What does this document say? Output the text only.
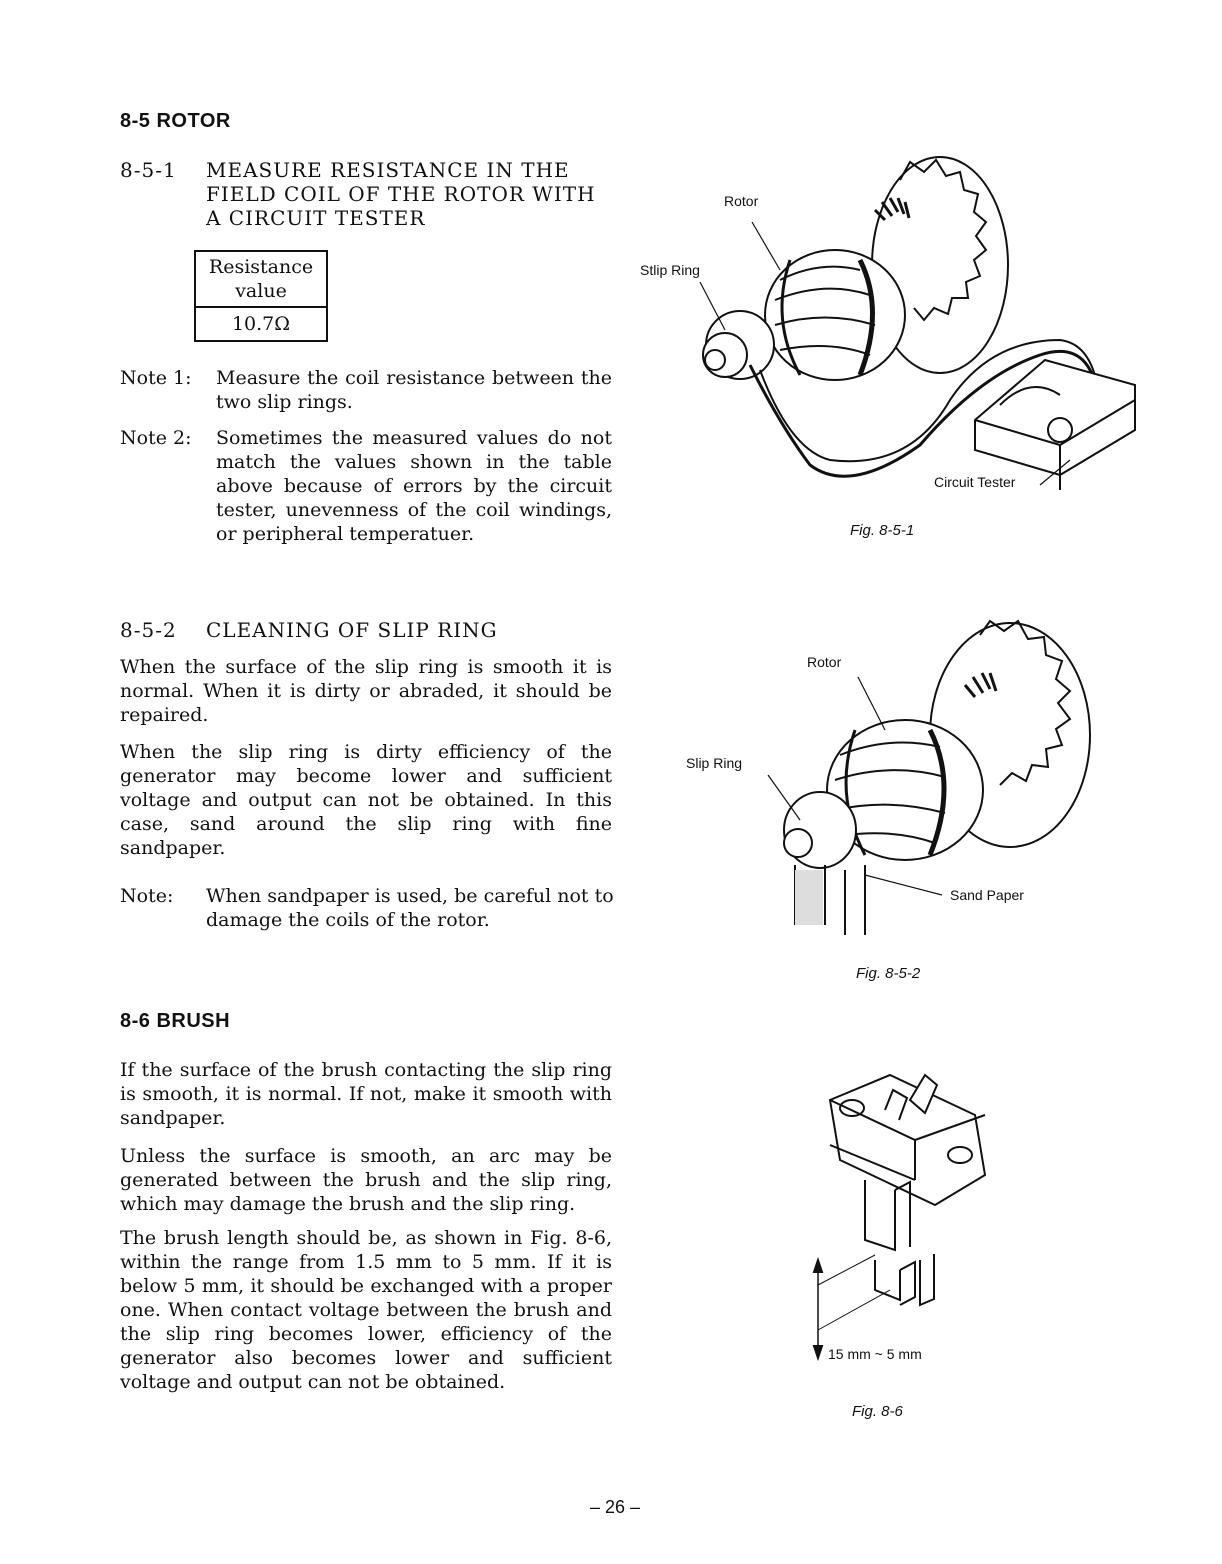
8-5 ROTOR
8-5-1 MEASURE RESISTANCE IN THE
FIELD COIL OF THE ROTOR WITH
A CIRCUIT TESTER
Resistance
value

10.7Ω
Note 1: Measure the coil resistance between the two slip rings.
Note 2: Sometimes the measured values do not match the values shown in the table above because of errors by the circuit tester, unevenness of the coil windings, or peripheral temperatuer.
8-5-2 CLEANING OF SLIP RING
When the surface of the slip ring is smooth it is normal. When it is dirty or abraded, it should be repaired.
When the slip ring is dirty efficiency of the generator may become lower and sufficient voltage and output can not be obtained. In this case, sand around the slip ring with fine sandpaper.
Note: When sandpaper is used, be careful not to damage the coils of the rotor.
8-6 BRUSH
If the surface of the brush contacting the slip ring is smooth, it is normal. If not, make it smooth with sandpaper.
Unless the surface is smooth, an arc may be generated between the brush and the slip ring, which may damage the brush and the slip ring.
The brush length should be, as shown in Fig. 8-6, within the range from 1.5 mm to 5 mm. If it is below 5 mm, it should be exchanged with a proper one. When contact voltage between the brush and the slip ring becomes lower, efficiency of the generator also becomes lower and sufficient voltage and output can not be obtained.
Rotor
Stlip Ring
Circuit Tester
Fig. 8-5-1
Rotor
Slip Ring
Sand Paper
Fig. 8-5-2
15 mm ~ 5 mm
Fig. 8-6
– 26 –
